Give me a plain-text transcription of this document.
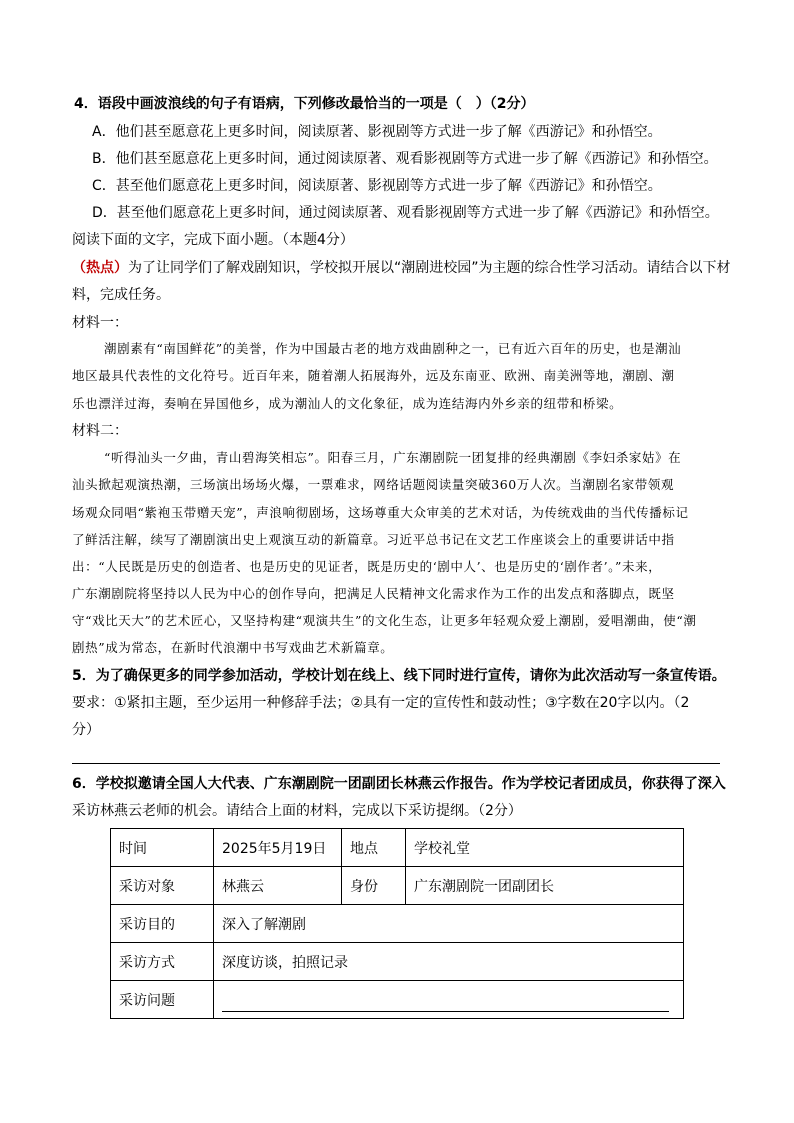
4．语段中画波浪线的句子有语病，下列修改最恰当的一项是（　）（2分）
A．他们甚至愿意花上更多时间，阅读原著、影视剧等方式进一步了解《西游记》和孙悟空。
B．他们甚至愿意花上更多时间，通过阅读原著、观看影视剧等方式进一步了解《西游记》和孙悟空。
C．甚至他们愿意花上更多时间，阅读原著、影视剧等方式进一步了解《西游记》和孙悟空。
D．甚至他们愿意花上更多时间，通过阅读原著、观看影视剧等方式进一步了解《西游记》和孙悟空。
阅读下面的文字，完成下面小题。（本题4分）
（热点）为了让同学们了解戏剧知识，学校拟开展以“潮剧进校园”为主题的综合性学习活动。请结合以下材
料，完成任务。
材料一：
潮剧素有“南国鲜花”的美誉，作为中国最古老的地方戏曲剧种之一，已有近六百年的历史，也是潮汕
地区最具代表性的文化符号。近百年来，随着潮人拓展海外，远及东南亚、欧洲、南美洲等地，潮剧、潮
乐也漂洋过海，奏响在异国他乡，成为潮汕人的文化象征，成为连结海内外乡亲的纽带和桥梁。
材料二：
“听得汕头一夕曲，青山碧海笑相忘”。阳春三月，广东潮剧院一团复排的经典潮剧《李妇杀家姑》在
汕头掀起观演热潮，三场演出场场火爆，一票难求，网络话题阅读量突破360万人次。当潮剧名家带领观
场观众同唱“紫袍玉带赠天宠”，声浪响彻剧场，这场尊重大众审美的艺术对话，为传统戏曲的当代传播标记
了鲜活注解，续写了潮剧演出史上观演互动的新篇章。习近平总书记在文艺工作座谈会上的重要讲话中指
出：“人民既是历史的创造者、也是历史的见证者，既是历史的‘剧中人’、也是历史的‘剧作者’。”未来，
广东潮剧院将坚持以人民为中心的创作导向，把满足人民精神文化需求作为工作的出发点和落脚点，既坚
守“戏比天大”的艺术匠心，又坚持构建“观演共生”的文化生态，让更多年轻观众爱上潮剧，爱唱潮曲，使“潮
剧热”成为常态，在新时代浪潮中书写戏曲艺术新篇章。
5．为了确保更多的同学参加活动，学校计划在线上、线下同时进行宣传，请你为此次活动写一条宣传语。
要求：①紧扣主题，至少运用一种修辞手法；②具有一定的宣传性和鼓动性；③字数在20字以内。（2
分）
6．学校拟邀请全国人大代表、广东潮剧院一团副团长林燕云作报告。作为学校记者团成员，你获得了深入
采访林燕云老师的机会。请结合上面的材料，完成以下采访提纲。（2分）
时间	2025年5月19日	地点	学校礼堂
采访对象	林燕云	身份	广东潮剧院一团副团长
采访目的	深入了解潮剧		
采访方式	深度访谈，拍照记录		
采访问题			
